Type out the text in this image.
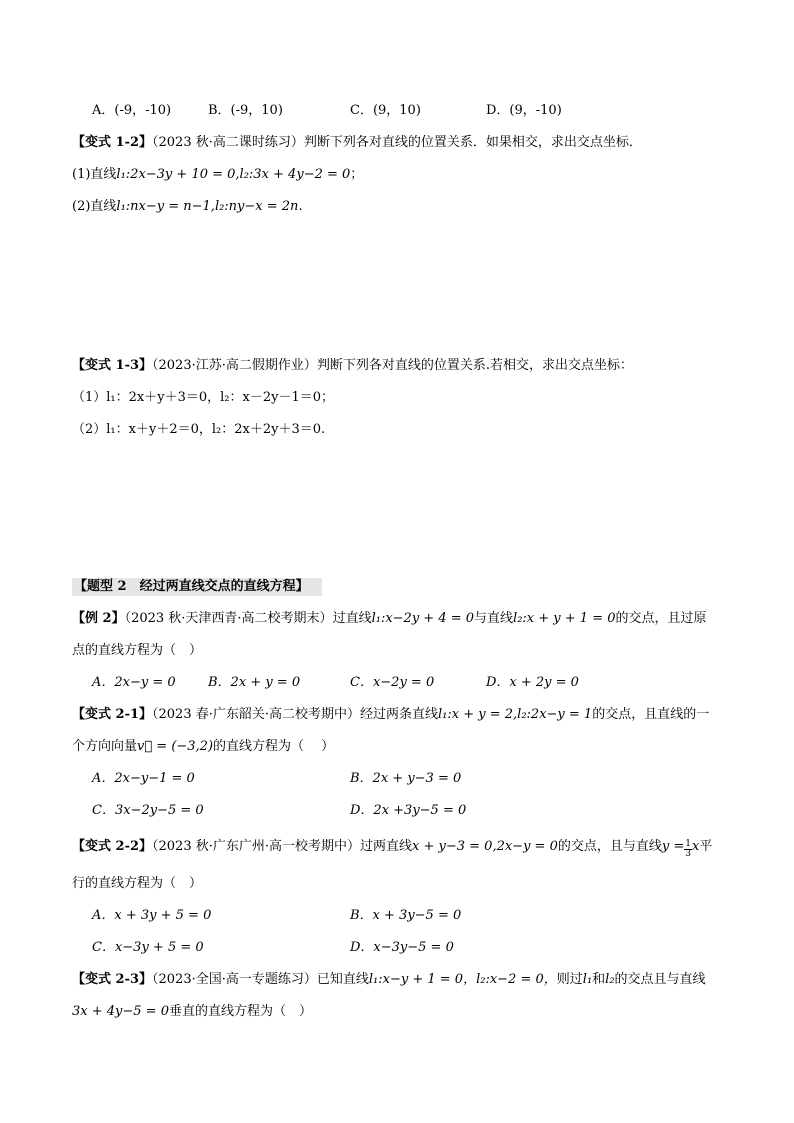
A．(-9，-10)	B．(-9，10)	C．(9，10)	D．(9，-10)
【变式 1-2】（2023 秋·高二课时练习）判断下列各对直线的位置关系．如果相交，求出交点坐标．
(1)直线l₁:2x−3y + 10 = 0,l₂:3x + 4y−2 = 0；
(2)直线l₁:nx−y = n−1,l₂:ny−x = 2n.
【变式 1-3】（2023·江苏·高二假期作业）判断下列各对直线的位置关系.若相交，求出交点坐标：
（1）l₁：2x＋y＋3＝0，l₂：x－2y－1＝0；
（2）l₁：x＋y＋2＝0，l₂：2x＋2y＋3＝0.
【题型 2　经过两直线交点的直线方程】
【例 2】（2023 秋·天津西青·高二校考期末）过直线l₁:x−2y + 4 = 0与直线l₂:x + y + 1 = 0的交点，且过原
点的直线方程为（　）
A．2x−y = 0 B．2x + y = 0	C．x−2y = 0	D．x + 2y = 0
【变式 2-1】（2023 春·广东韶关·高二校考期中）经过两条直线l₁:x + y = 2,l₂:2x−y = 1的交点，且直线的一
个方向向量v⃗ = (−3,2)的直线方程为（　 ）
A．2x−y−1 = 0	B．2x + y−3 = 0
C．3x−2y−5 = 0	D．2x +3y−5 = 0
【变式 2-2】（2023 秋·广东广州·高一校考期中）过两直线x + y−3 = 0,2x−y = 0的交点，且与直线$y = \frac{1}{3}$ x平
行的直线方程为（　）
A．x + 3y + 5 = 0	B．x + 3y−5 = 0
C．x−3y + 5 = 0	D．x−3y−5 = 0
【变式 2-3】（2023·全国·高一专题练习）已知直线l₁:x−y + 1 = 0，l₂:x−2 = 0，则过l₁和l₂的交点且与直线
3x + 4y−5 = 0垂直的直线方程为（　）
